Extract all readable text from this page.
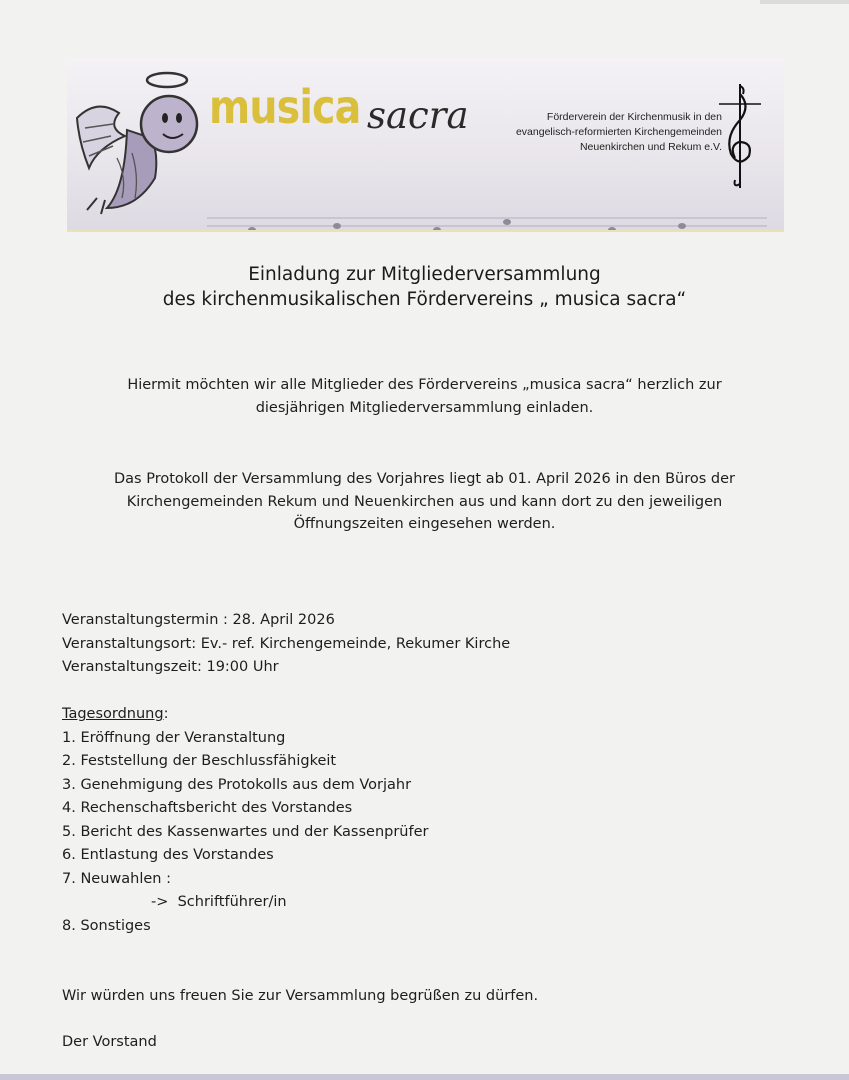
musica sacra	Förderverein der Kirchenmusik in den
evangelisch-reformierten Kirchengemeinden
Neuenkirchen und Rekum e.V.
Einladung zur Mitgliederversammlung
des kirchenmusikalischen Fördervereins „ musica sacra“
Hiermit möchten wir alle Mitglieder des Fördervereins „musica sacra“ herzlich zur
diesjährigen Mitgliederversammlung einladen.
Das Protokoll der Versammlung des Vorjahres liegt ab 01. April 2026 in den Büros der
Kirchengemeinden Rekum und Neuenkirchen aus und kann dort zu den jeweiligen
Öffnungszeiten eingesehen werden.
Veranstaltungstermin : 28. April 2026
Veranstaltungsort: Ev.- ref. Kirchengemeinde, Rekumer Kirche
Veranstaltungszeit: 19:00 Uhr
Tagesordnung:
1. Eröffnung der Veranstaltung
2. Feststellung der Beschlussfähigkeit
3. Genehmigung des Protokolls aus dem Vorjahr
4. Rechenschaftsbericht des Vorstandes
5. Bericht des Kassenwartes und der Kassenprüfer
6. Entlastung des Vorstandes
7. Neuwahlen :
->  Schriftführer/in
8. Sonstiges
Wir würden uns freuen Sie zur Versammlung begrüßen zu dürfen.
Der Vorstand
